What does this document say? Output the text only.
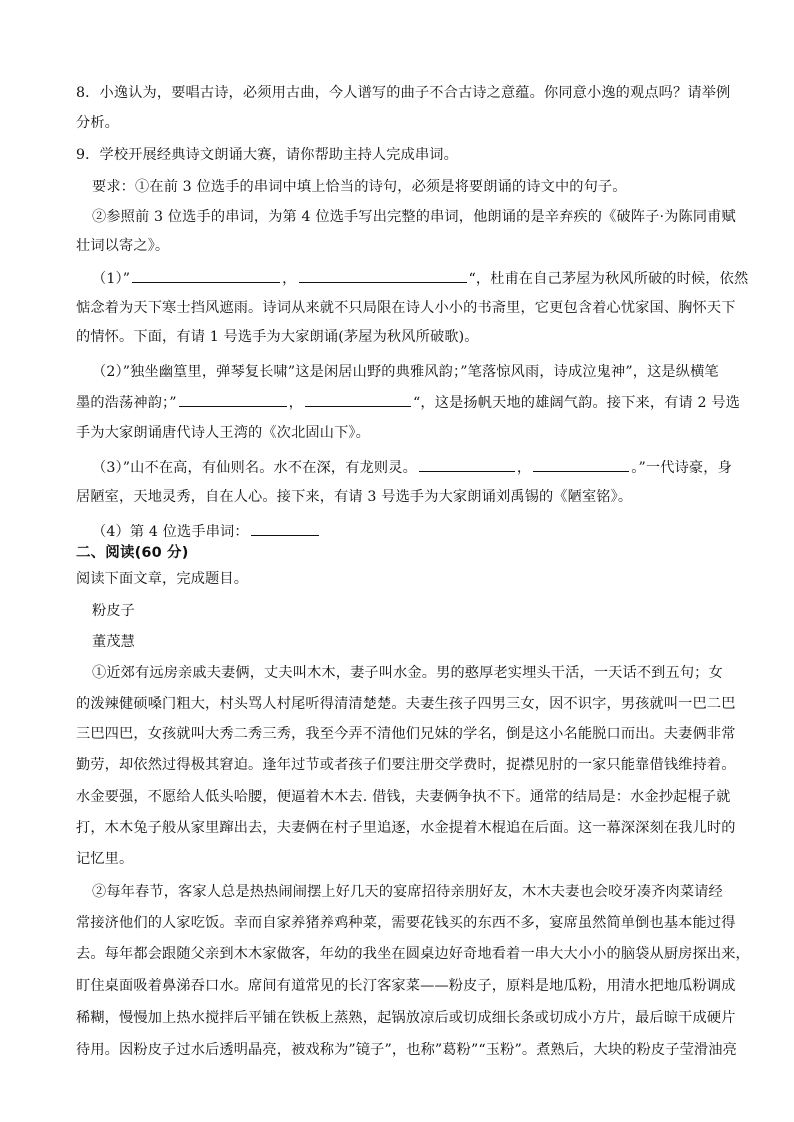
8．小逸认为，要唱古诗，必须用古曲，今人谱写的曲子不合古诗之意蕴。你同意小逸的观点吗？请举例
分析。
9．学校开展经典诗文朗诵大赛，请你帮助主持人完成串词。
要求：①在前 3 位选手的串词中填上恰当的诗句，必须是将要朗诵的诗文中的句子。
②参照前 3 位选手的串词，为第 4 位选手写出完整的串词，他朗诵的是辛弃疾的《破阵子·为陈同甫赋
壮词以寄之》。
（1）”	，	“，杜甫在自己茅屋为秋风所破的时候，依然
惦念着为天下寒士挡风遮雨。诗词从来就不只局限在诗人小小的书斋里，它更包含着心忧家国、胸怀天下
的情怀。下面，有请 1 号选手为大家朗诵(茅屋为秋风所破歌)。
（2）”独坐幽篁里，弹琴复长啸”这是闲居山野的典雅风韵；”笔落惊风雨，诗成泣鬼神”，这是纵横笔
墨的浩荡神韵；”	，	“，这是扬帆天地的雄阔气韵。接下来，有请 2 号选
手为大家朗诵唐代诗人王湾的《次北固山下》。
（3）”山不在高，有仙则名。水不在深，有龙则灵。	，	。”一代诗豪，身
居陋室，天地灵秀，自在人心。接下来，有请 3 号选手为大家朗诵刘禹锡的《陋室铭》。
（4）第 4 位选手串词：
二、阅读(60 分)
阅读下面文章，完成题目。
粉皮子
董茂慧
①近郊有远房亲戚夫妻俩，丈夫叫木木，妻子叫水金。男的憨厚老实埋头干活，一天话不到五句；女
的泼辣健硕嗓门粗大，村头骂人村尾听得清清楚楚。夫妻生孩子四男三女，因不识字，男孩就叫一巴二巴
三巴四巴，女孩就叫大秀二秀三秀，我至今弄不清他们兄妹的学名，倒是这小名能脱口而出。夫妻俩非常
勤劳，却依然过得极其窘迫。逢年过节或者孩子们要注册交学费时，捉襟见肘的一家只能靠借钱维持着。
水金要强，不愿给人低头哈腰，便逼着木木去. 借钱，夫妻俩争执不下。通常的结局是：水金抄起棍子就
打，木木兔子般从家里蹿出去，夫妻俩在村子里追逐，水金提着木棍追在后面。这一幕深深刻在我儿时的
记忆里。
②每年春节，客家人总是热热闹闹摆上好几天的宴席招待亲朋好友，木木夫妻也会咬牙凑齐肉菜请经
常接济他们的人家吃饭。幸而自家养猪养鸡种菜，需要花钱买的东西不多，宴席虽然简单倒也基本能过得
去。每年都会跟随父亲到木木家做客，年幼的我坐在圆桌边好奇地看着一串大大小小的脑袋从厨房探出来，
盯住桌面吸着鼻涕吞口水。席间有道常见的长汀客家菜——粉皮子，原料是地瓜粉，用清水把地瓜粉调成
稀糊，慢慢加上热水搅拌后平铺在铁板上蒸熟，起锅放凉后或切成细长条或切成小方片，最后晾干成硬片
待用。因粉皮子过水后透明晶亮，被戏称为”镜子”，也称”葛粉”“玉粉”。煮熟后，大块的粉皮子莹滑油亮
